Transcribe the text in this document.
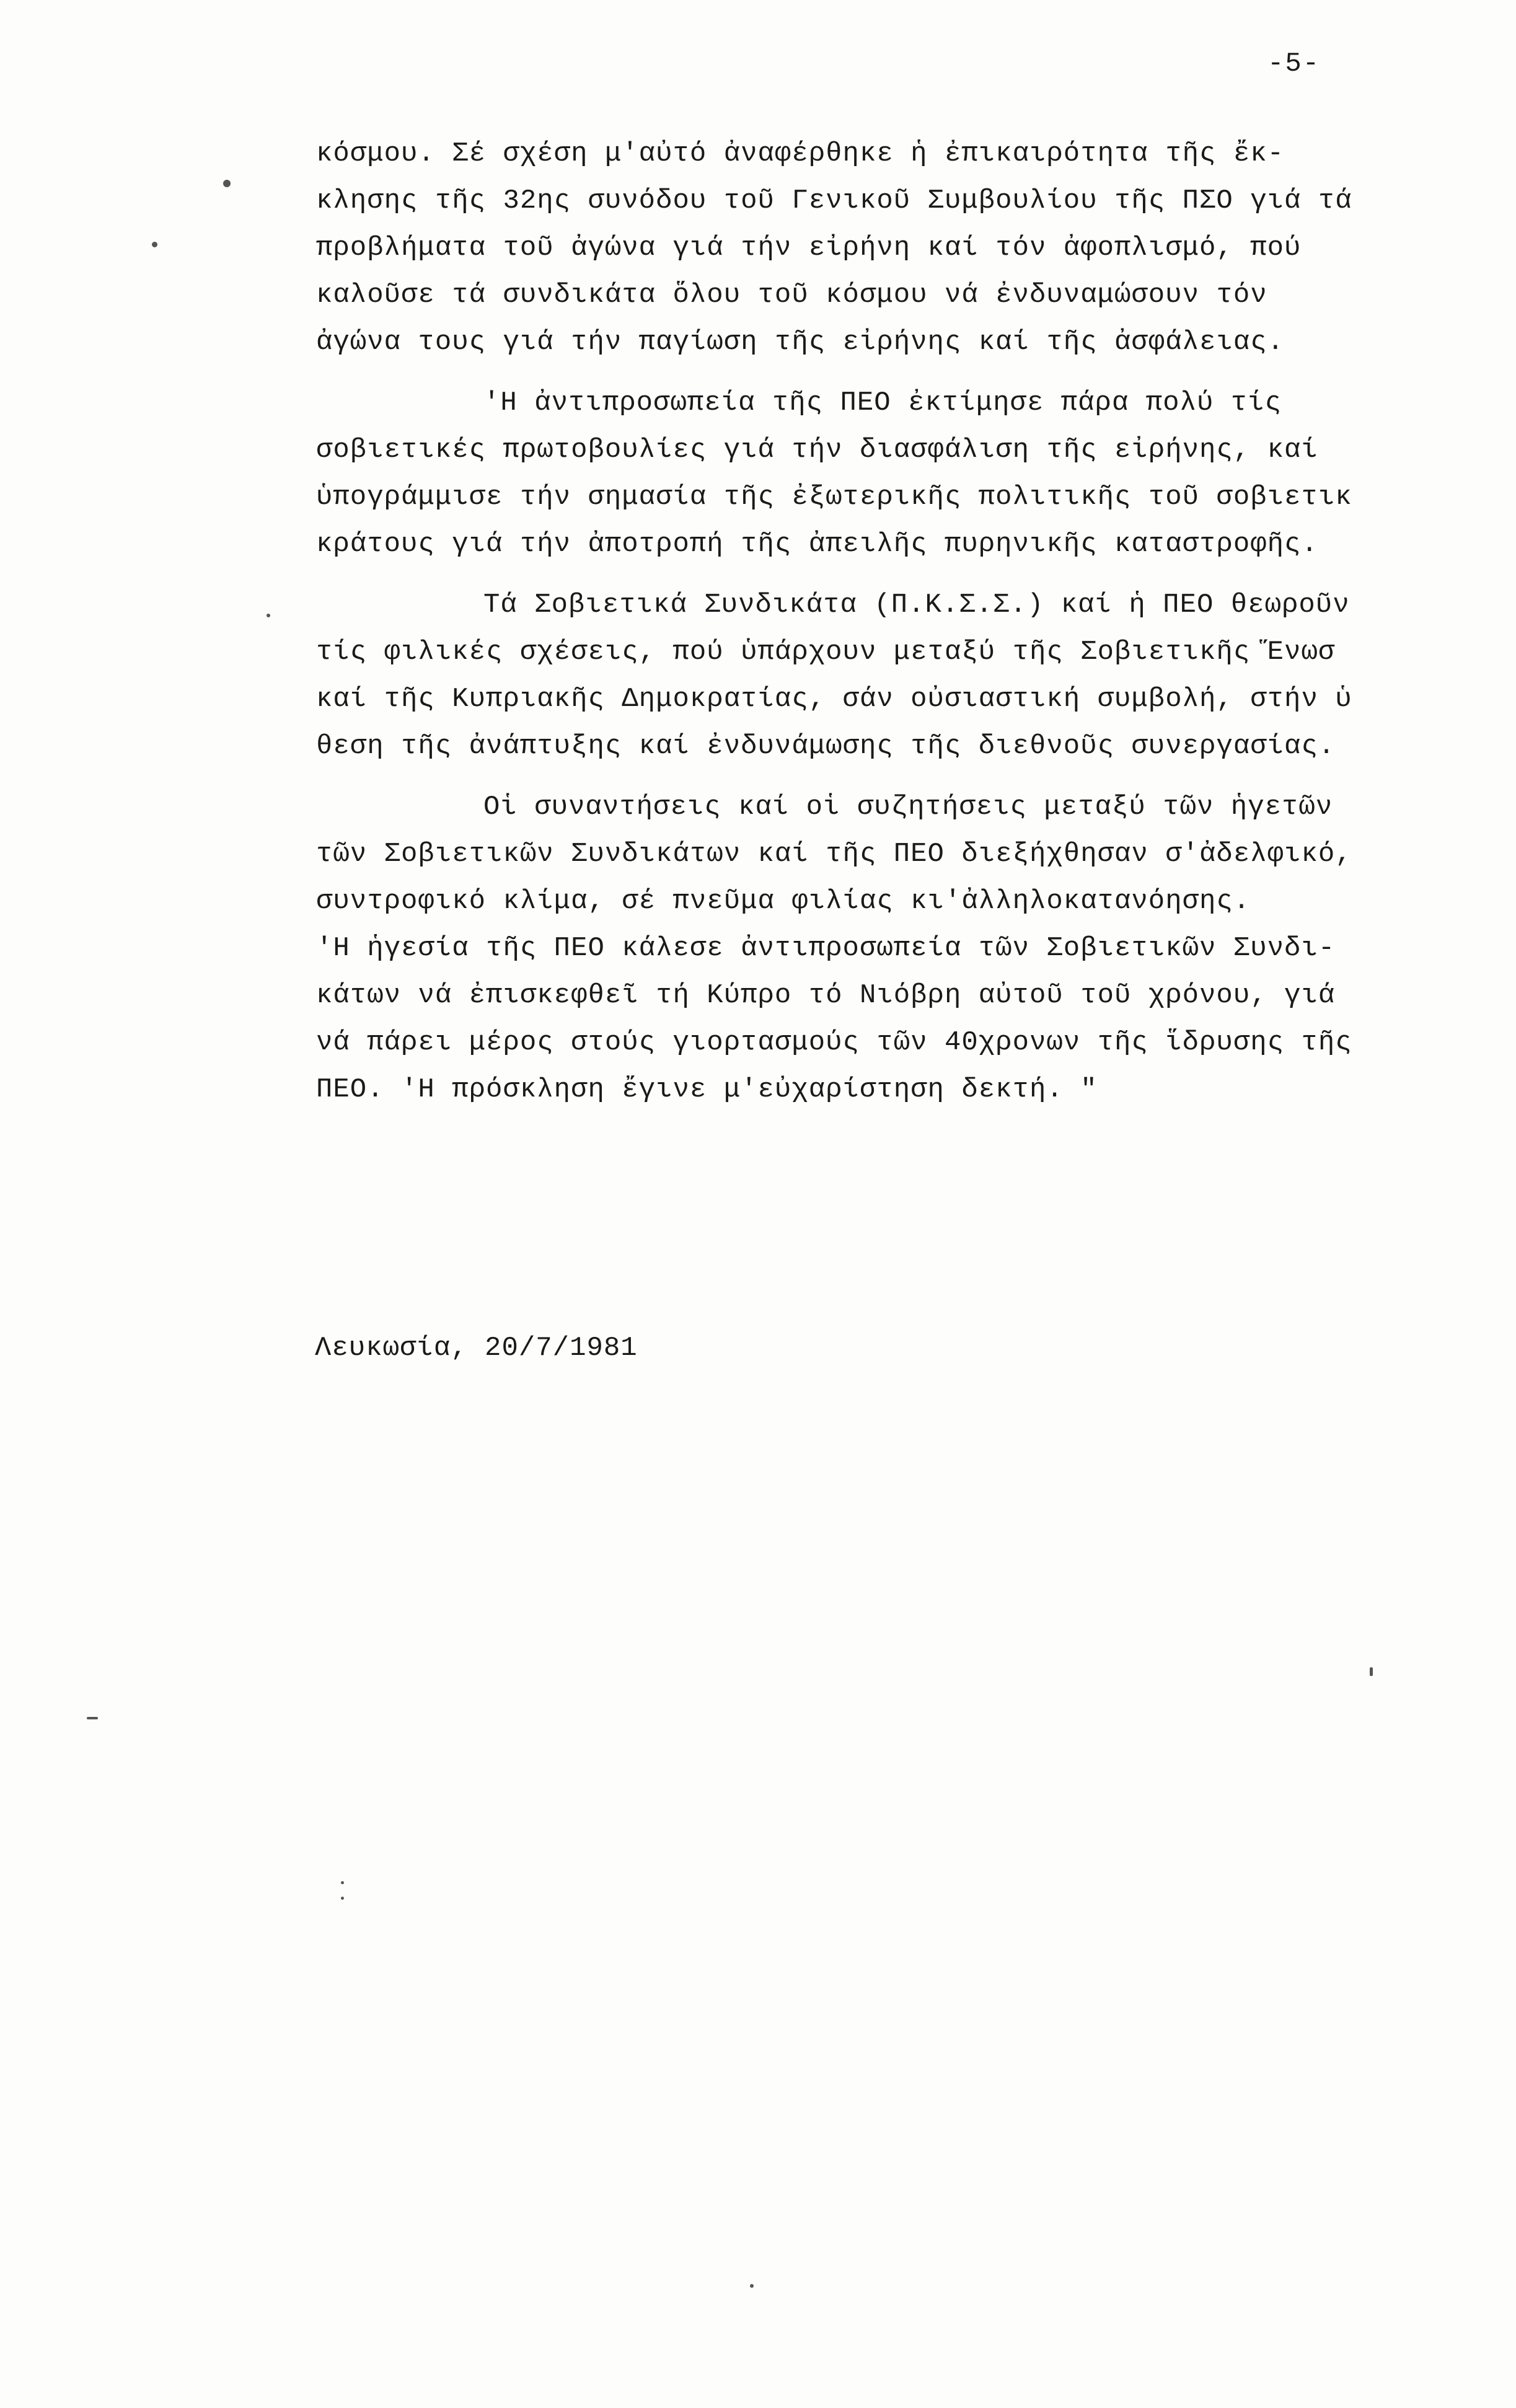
-5-
κόσμου. Σέ σχέση μ'αὐτό ἀναφέρθηκε ἡ ἐπικαιρότητα τῆς ἔκ-
κλησης τῆς 32ης συνόδου τοῦ Γενικοῦ Συμβουλίου τῆς ΠΣΟ γιά τά
προβλήματα τοῦ ἀγώνα γιά τήν εἰρήνη καί τόν ἀφοπλισμό, πού
καλοῦσε τά συνδικάτα ὅλου τοῦ κόσμου νά ἐνδυναμώσουν τόν
ἀγώνα τους γιά τήν παγίωση τῆς εἰρήνης καί τῆς ἀσφάλειας.
'Η ἀντιπροσωπεία τῆς ΠΕΟ ἐκτίμησε πάρα πολύ τίς
σοβιετικές πρωτοβουλίες γιά τήν διασφάλιση τῆς εἰρήνης, καί
ὑπογράμμισε τήν σημασία τῆς ἐξωτερικῆς πολιτικῆς τοῦ σοβιετικ
κράτους γιά τήν ἀποτροπή τῆς ἀπειλῆς πυρηνικῆς καταστροφῆς.
Τά Σοβιετικά Συνδικάτα (Π.Κ.Σ.Σ.) καί ἡ ΠΕΟ θεωροῦν
τίς φιλικές σχέσεις, πού ὑπάρχουν μεταξύ τῆς Σοβιετικῆς Ἕνωσ
καί τῆς Κυπριακῆς Δημοκρατίας, σάν οὐσιαστική συμβολή, στήν ὑ
θεση τῆς ἀνάπτυξης καί ἐνδυνάμωσης τῆς διεθνοῦς συνεργασίας.
Οἱ συναντήσεις καί οἱ συζητήσεις μεταξύ τῶν ἡγετῶν
τῶν Σοβιετικῶν Συνδικάτων καί τῆς ΠΕΟ διεξήχθησαν σ'ἀδελφικό,
συντροφικό κλίμα, σέ πνεῦμα φιλίας κι'ἀλληλοκατανόησης.
'Η ἡγεσία τῆς ΠΕΟ κάλεσε ἀντιπροσωπεία τῶν Σοβιετικῶν Συνδι-
κάτων νά ἐπισκεφθεῖ τή Κύπρο τό Νιόβρη αὐτοῦ τοῦ χρόνου, γιά
νά πάρει μέρος στούς γιορτασμούς τῶν 40χρονων τῆς ἵδρυσης τῆς
ΠΕΟ. 'Η πρόσκληση ἔγινε μ'εὐχαρίστηση δεκτή. "
Λευκωσία, 20/7/1981
